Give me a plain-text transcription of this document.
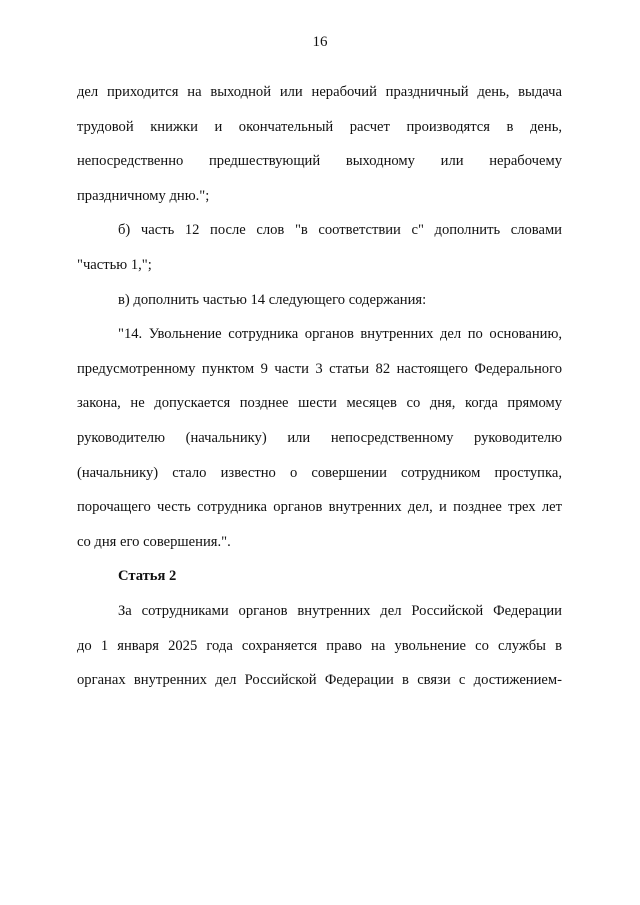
16
дел приходится на выходной или нерабочий праздничный день, выдача
трудовой книжки и окончательный расчет производятся в день,
непосредственно предшествующий выходному или нерабочему
праздничному дню.";
б) часть 12 после слов "в соответствии с" дополнить словами
"частью 1,";
в) дополнить частью 14 следующего содержания:
"14. Увольнение сотрудника органов внутренних дел по основанию,
предусмотренному пунктом 9 части 3 статьи 82 настоящего Федерального
закона, не допускается позднее шести месяцев со дня, когда прямому
руководителю (начальнику) или непосредственному руководителю
(начальнику) стало известно о совершении сотрудником проступка,
порочащего честь сотрудника органов внутренних дел, и позднее трех лет
со дня его совершения.".
Статья 2
За сотрудниками органов внутренних дел Российской Федерации
до 1 января 2025 года сохраняется право на увольнение со службы в
органах внутренних дел Российской Федерации в связи с достижением-
